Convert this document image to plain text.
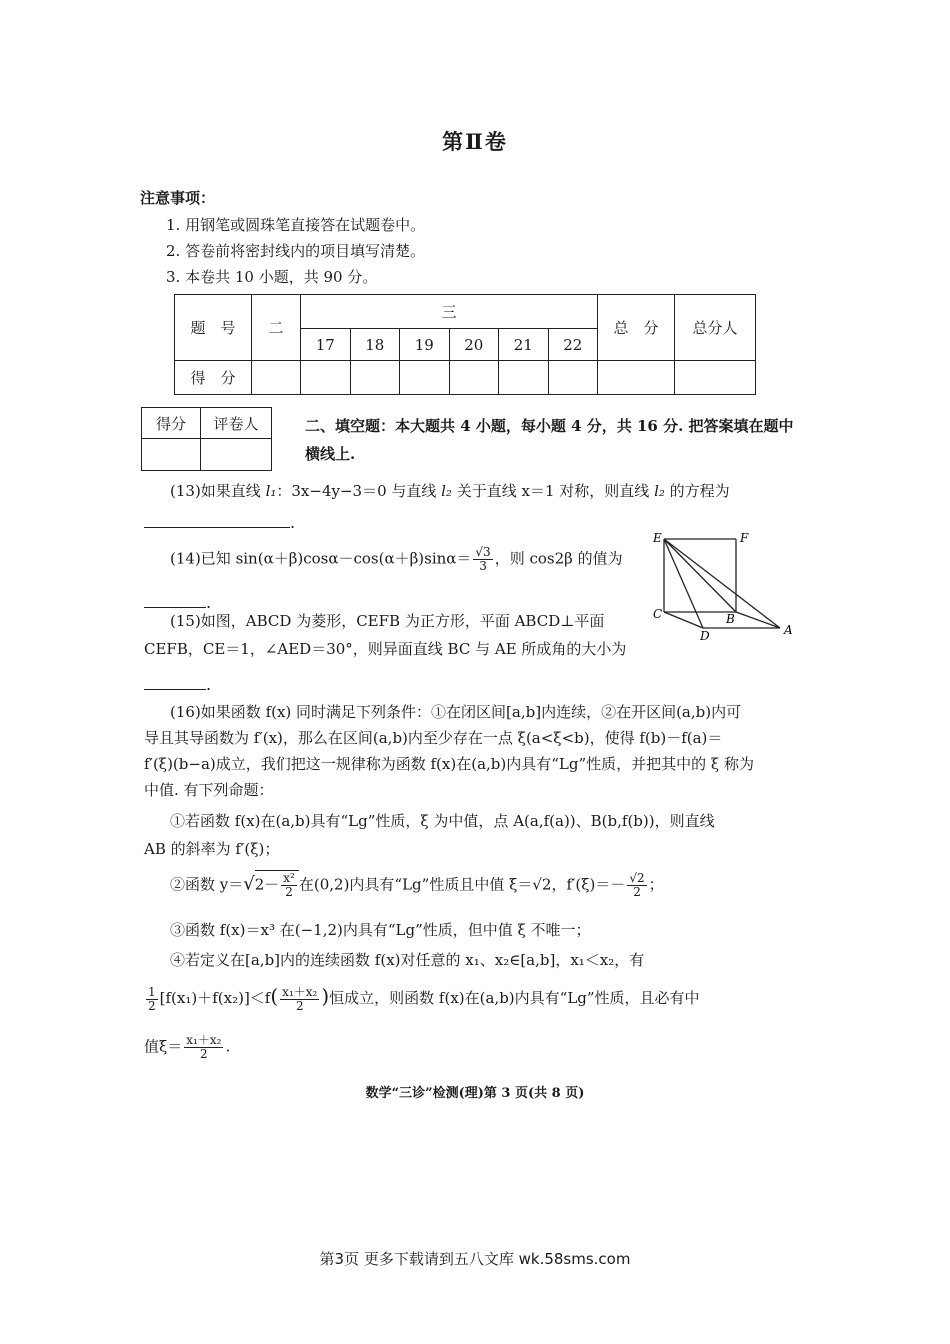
第Ⅱ卷
注意事项：
1. 用钢笔或圆珠笔直接答在试题卷中。
2. 答卷前将密封线内的项目填写清楚。
3. 本卷共 10 小题，共 90 分。
题　号	二	三						总　分	总分人
		17	18	19	20	21	22		
得　分									
得分	评卷人
		二、填空题：本大题共 4 小题，每小题 4 分，共 16 分. 把答案填在题中横线上.
(13)如果直线 l₁：3x−4y−3＝0 与直线 l₂ 关于直线 x＝1 对称，则直线 l₂ 的方程为
.
(14)已知 $\sin(\alpha+\beta)\cos\alpha-\cos(\alpha+\beta)\sin\alpha= \frac{√3}{3}$ ，则 cos2β 的值为
.
E	F
C	B
D	A
(15)如图，ABCD 为菱形，CEFB 为正方形，平面 ABCD⊥平面
CEFB，CE＝1，∠AED＝30°，则异面直线 BC 与 AE 所成角的大小为
.
(16)如果函数 f(x) 同时满足下列条件：①在闭区间[a,b]内连续，②在开区间(a,b)内可
导且其导函数为 f′(x)，那么在区间(a,b)内至少存在一点 ξ(a<ξ<b)，使得 f(b)－f(a)＝
f′(ξ)(b−a)成立，我们把这一规律称为函数 f(x)在(a,b)内具有“Lg”性质，并把其中的 ξ 称为
中值. 有下列命题：
①若函数 f(x)在(a,b)具有“Lg”性质，ξ 为中值，点 A(a,f(a))、B(b,f(b))，则直线
AB 的斜率为 f′(ξ)；
②函数 $y=√2- \frac{\text{x²}}{2}$ 在(0,2)内具有“Lg”性质且中值 ξ＝√2，$f'(\xi)=- \frac{√2}{2}$ ；
③函数 f(x)＝x³ 在(−1,2)内具有“Lg”性质，但中值 ξ 不唯一；
④若定义在[a,b]内的连续函数 f(x)对任意的 x₁、x₂∈[a,b]，x₁＜x₂，有
$\frac{1}{2} [f(x_1)+f(x_2)]<f( \frac{\text{x₁＋x₂}}{2}$ )恒成立，则函数 f(x)在(a,b)内具有“Lg”性质，且必有中
值$\xi= \frac{\text{x₁＋x₂}}{2}$ .
数学“三诊”检测(理)第 3 页(共 8 页)
第3页 更多下载请到五八文库 wk.58sms.com
